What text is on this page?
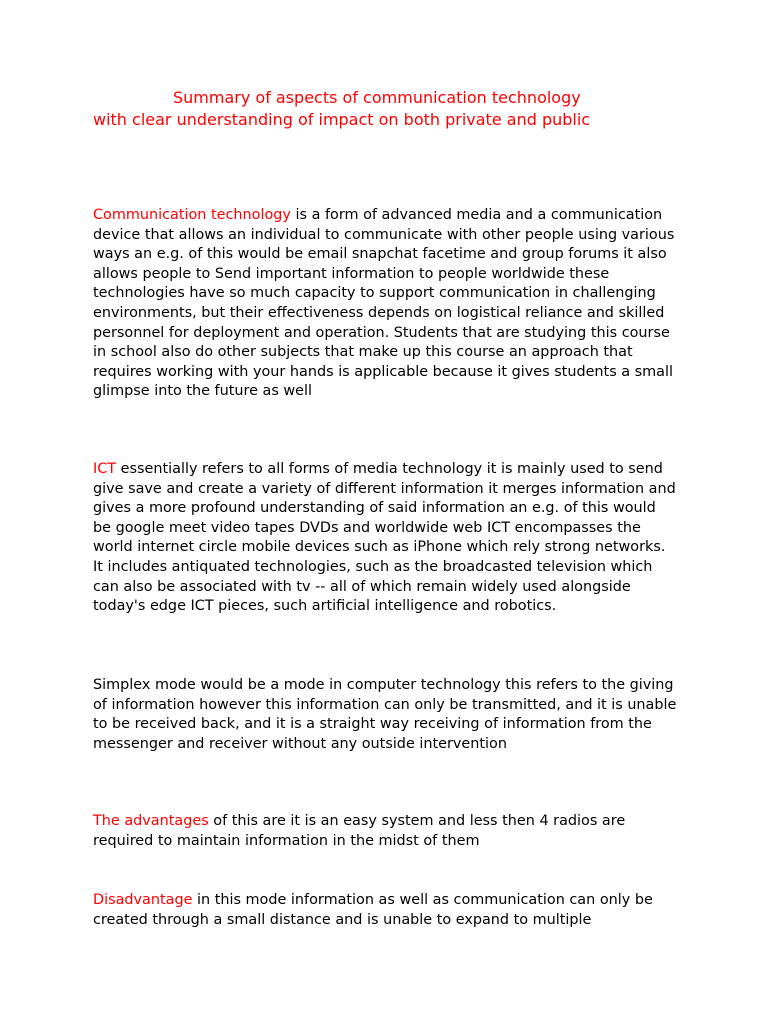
Summary of aspects of communication technology
with clear understanding of impact on both private and public

Communication technology is a form of advanced media and a communication device that allows an individual to communicate with other people using various ways an e.g. of this would be email snapchat facetime and group forums it also allows people to Send important information to people worldwide these technologies have so much capacity to support communication in challenging environments, but their effectiveness depends on logistical reliance and skilled personnel for deployment and operation. Students that are studying this course in school also do other subjects that make up this course an approach that requires working with your hands is applicable because it gives students a small glimpse into the future as well

ICT essentially refers to all forms of media technology it is mainly used to send give save and create a variety of different information it merges information and gives a more profound understanding of said information an e.g. of this would be google meet video tapes DVDs and worldwide web ICT encompasses the world internet circle mobile devices such as iPhone which rely strong networks. It includes antiquated technologies, such as the broadcasted television which can also be associated with tv -- all of which remain widely used alongside today's edge ICT pieces, such artificial intelligence and robotics.

Simplex mode would be a mode in computer technology this refers to the giving of information however this information can only be transmitted, and it is unable to be received back, and it is a straight way receiving of information from the messenger and receiver without any outside intervention

The advantages of this are it is an easy system and less then 4 radios are required to maintain information in the midst of them

Disadvantage in this mode information as well as communication can only be created through a small distance and is unable to expand to multiple
